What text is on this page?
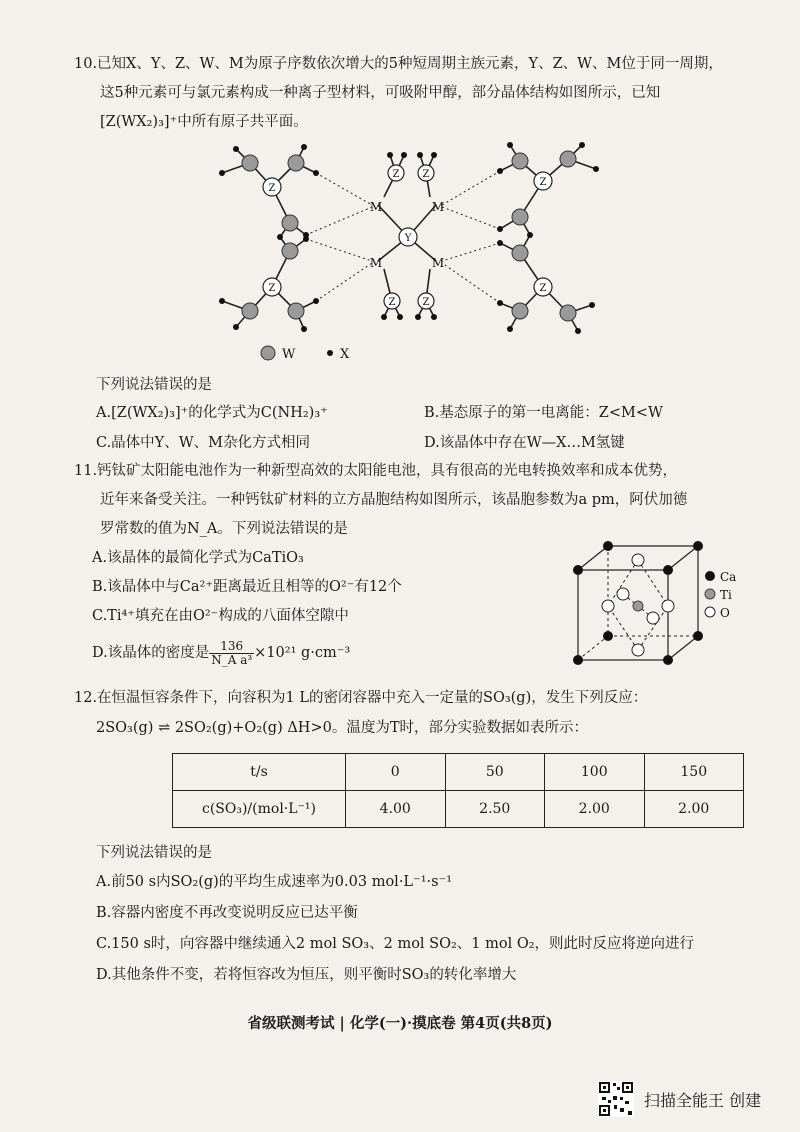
10.已知X、Y、Z、W、M为原子序数依次增大的5种短周期主族元素，Y、Z、W、M位于同一周期，
这5种元素可与氯元素构成一种离子型材料，可吸附甲醇，部分晶体结构如图所示，已知
[Z(WX₂)₃]⁺中所有原子共平面。
Z
Z
Z
Z
Z Z
Z	Z
Y
M	M
M	M
W	X
下列说法错误的是
A.[Z(WX₂)₃]⁺的化学式为C(NH₂)₃⁺	B.基态原子的第一电离能：Z<M<W
C.晶体中Y、W、M杂化方式相同	D.该晶体中存在W—X…M氢键
11.钙钛矿太阳能电池作为一种新型高效的太阳能电池，具有很高的光电转换效率和成本优势，
近年来备受关注。一种钙钛矿材料的立方晶胞结构如图所示，该晶胞参数为a pm，阿伏加德
罗常数的值为N_A。下列说法错误的是
A.该晶体的最简化学式为CaTiO₃
B.该晶体中与Ca²⁺距离最近且相等的O²⁻有12个
C.Ti⁴⁺填充在由O²⁻构成的八面体空隙中
D.该晶体的密度是 $\frac{136}{\text{N\_A a³}} \times 10^{21}$ g·cm⁻³
Ca
Ti
O
12.在恒温恒容条件下，向容积为1 L的密闭容器中充入一定量的SO₃(g)，发生下列反应：
2SO₃(g) ⇌ 2SO₂(g)+O₂(g) ΔH>0。温度为T时，部分实验数据如表所示：
t/s	0	50	100	150
c(SO₃)/(mol·L⁻¹)	4.00	2.50	2.00	2.00
下列说法错误的是
A.前50 s内SO₂(g)的平均生成速率为0.03 mol·L⁻¹·s⁻¹
B.容器内密度不再改变说明反应已达平衡
C.150 s时，向容器中继续通入2 mol SO₃、2 mol SO₂、1 mol O₂，则此时反应将逆向进行
D.其他条件不变，若将恒容改为恒压，则平衡时SO₃的转化率增大
省级联测考试 | 化学(一)·摸底卷 第4页(共8页)
扫描全能王 创建
